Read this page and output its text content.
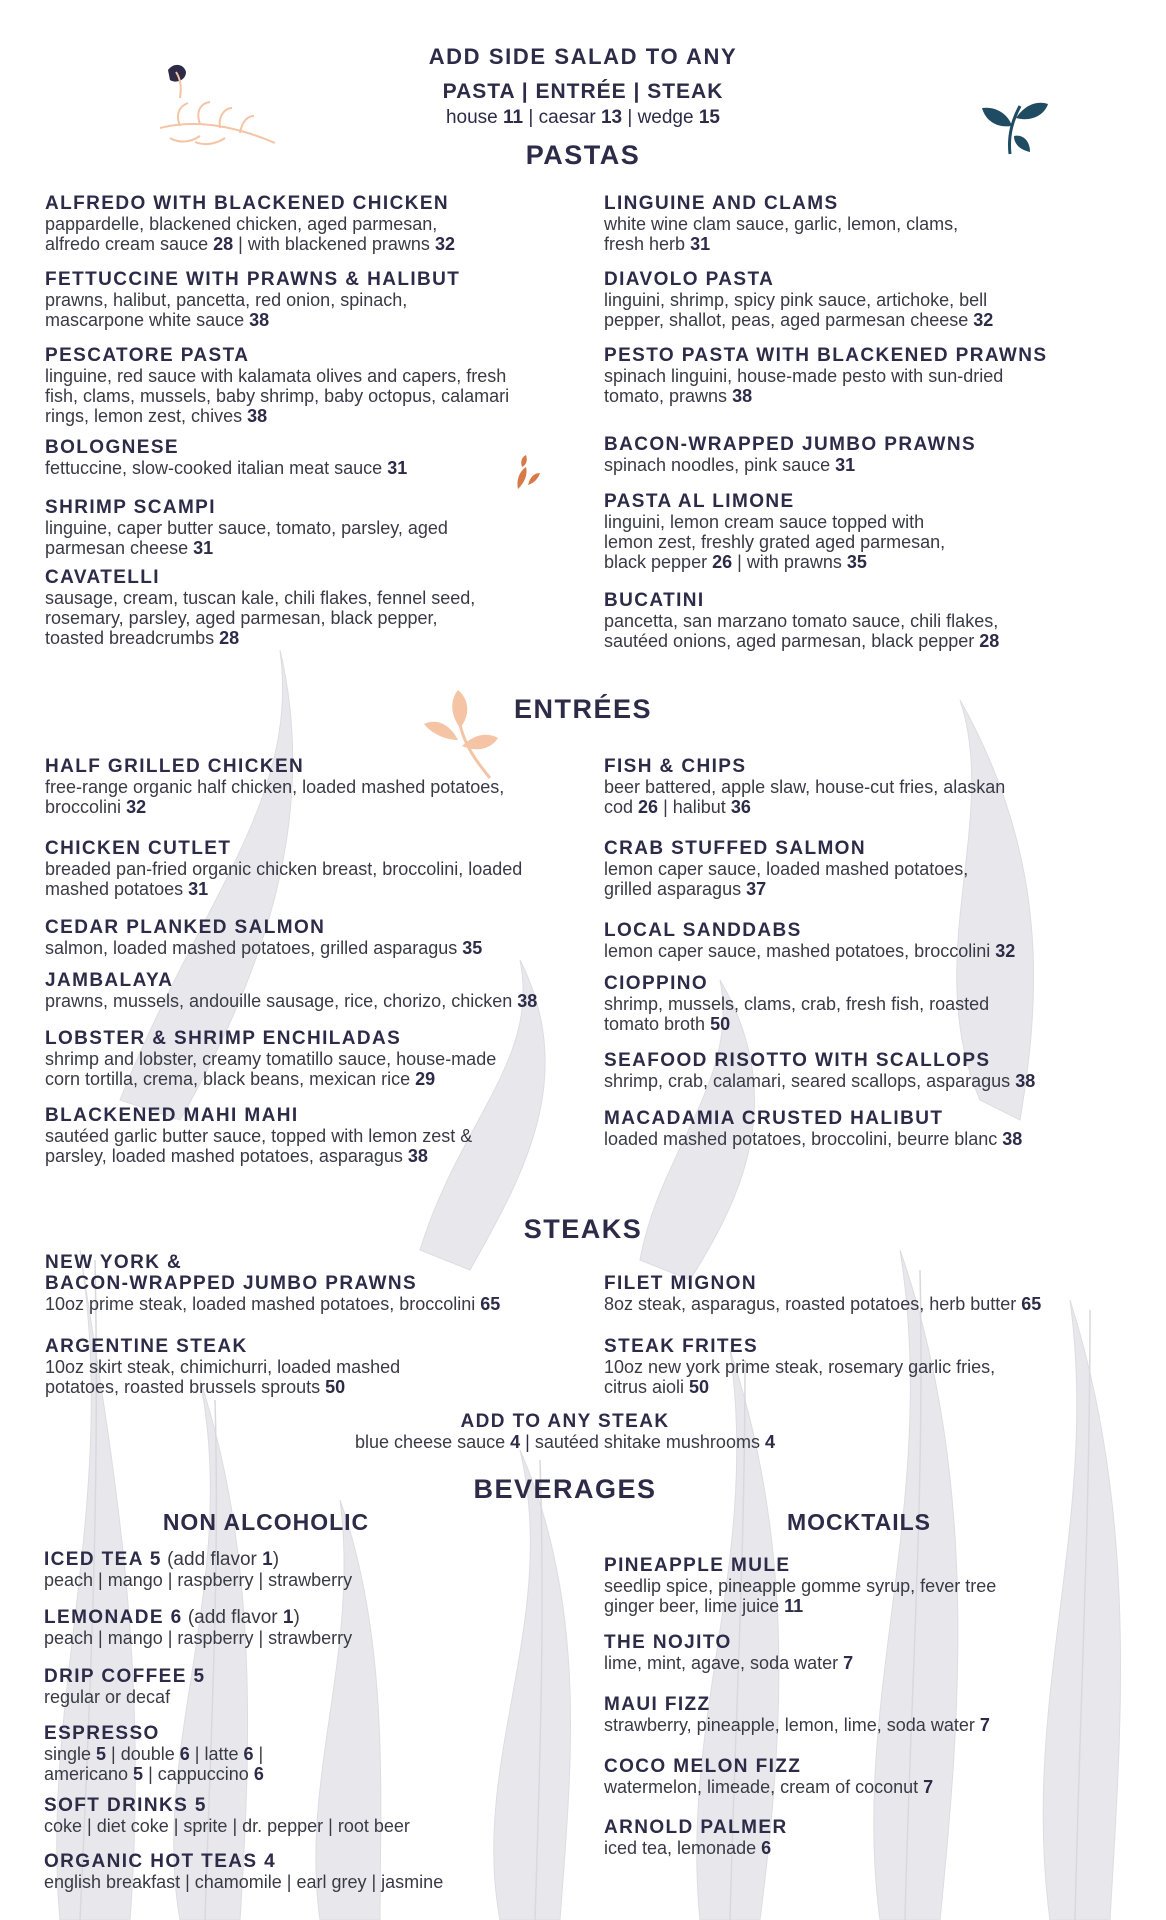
ADD SIDE SALAD TO ANY
PASTA | ENTRÉE | STEAK
house 11 | caesar 13 | wedge 15
PASTAS
ENTRÉES
STEAKS
ADD TO ANY STEAK
blue cheese sauce 4 | sautéed shitake mushrooms 4
BEVERAGES
NON ALCOHOLIC	MOCKTAILS
ALFREDO WITH BLACKENED CHICKEN
pappardelle, blackened chicken, aged parmesan,
alfredo cream sauce 28 | with blackened prawns 32
FETTUCCINE WITH PRAWNS & HALIBUT
prawns, halibut, pancetta, red onion, spinach,
mascarpone white sauce 38
PESCATORE PASTA
linguine, red sauce with kalamata olives and capers, fresh
fish, clams, mussels, baby shrimp, baby octopus, calamari
rings, lemon zest, chives 38
BOLOGNESE
fettuccine, slow-cooked italian meat sauce 31
SHRIMP SCAMPI
linguine, caper butter sauce, tomato, parsley, aged
parmesan cheese 31
CAVATELLI
sausage, cream, tuscan kale, chili flakes, fennel seed,
rosemary, parsley, aged parmesan, black pepper,
toasted breadcrumbs 28
LINGUINE AND CLAMS
white wine clam sauce, garlic, lemon, clams,
fresh herb 31
DIAVOLO PASTA
linguini, shrimp, spicy pink sauce, artichoke, bell
pepper, shallot, peas, aged parmesan cheese 32
PESTO PASTA WITH BLACKENED PRAWNS
spinach linguini, house-made pesto with sun-dried
tomato, prawns 38
BACON-WRAPPED JUMBO PRAWNS
spinach noodles, pink sauce 31
PASTA AL LIMONE
linguini, lemon cream sauce topped with
lemon zest, freshly grated aged parmesan,
black pepper 26 | with prawns 35
BUCATINI
pancetta, san marzano tomato sauce, chili flakes,
sautéed onions, aged parmesan, black pepper 28
HALF GRILLED CHICKEN
free-range organic half chicken, loaded mashed potatoes,
broccolini 32
CHICKEN CUTLET
breaded pan-fried organic chicken breast, broccolini, loaded
mashed potatoes 31
CEDAR PLANKED SALMON
salmon, loaded mashed potatoes, grilled asparagus 35
JAMBALAYA
prawns, mussels, andouille sausage, rice, chorizo, chicken 38
LOBSTER & SHRIMP ENCHILADAS
shrimp and lobster, creamy tomatillo sauce, house-made
corn tortilla, crema, black beans, mexican rice 29
BLACKENED MAHI MAHI
sautéed garlic butter sauce, topped with lemon zest &
parsley, loaded mashed potatoes, asparagus 38
FISH & CHIPS
beer battered, apple slaw, house-cut fries, alaskan
cod 26 | halibut 36
CRAB STUFFED SALMON
lemon caper sauce, loaded mashed potatoes,
grilled asparagus 37
LOCAL SANDDABS
lemon caper sauce, mashed potatoes, broccolini 32
CIOPPINO
shrimp, mussels, clams, crab, fresh fish, roasted
tomato broth 50
SEAFOOD RISOTTO WITH SCALLOPS
shrimp, crab, calamari, seared scallops, asparagus 38
MACADAMIA CRUSTED HALIBUT
loaded mashed potatoes, broccolini, beurre blanc 38
NEW YORK &
BACON-WRAPPED JUMBO PRAWNS
10oz prime steak, loaded mashed potatoes, broccolini 65
ARGENTINE STEAK
10oz skirt steak, chimichurri, loaded mashed
potatoes, roasted brussels sprouts 50
FILET MIGNON
8oz steak, asparagus, roasted potatoes, herb butter 65
STEAK FRITES
10oz new york prime steak, rosemary garlic fries,
citrus aioli 50
ICED TEA 5 (add flavor 1)
peach | mango | raspberry | strawberry
LEMONADE 6 (add flavor 1)
peach | mango | raspberry | strawberry
DRIP COFFEE 5
regular or decaf
ESPRESSO
single 5 | double 6 | latte 6 |
americano 5 | cappuccino 6
SOFT DRINKS 5
coke | diet coke | sprite | dr. pepper | root beer
ORGANIC HOT TEAS 4
english breakfast | chamomile | earl grey | jasmine
PINEAPPLE MULE
seedlip spice, pineapple gomme syrup, fever tree
ginger beer, lime juice 11
THE NOJITO
lime, mint, agave, soda water 7
MAUI FIZZ
strawberry, pineapple, lemon, lime, soda water 7
COCO MELON FIZZ
watermelon, limeade, cream of coconut 7
ARNOLD PALMER
iced tea, lemonade 6
